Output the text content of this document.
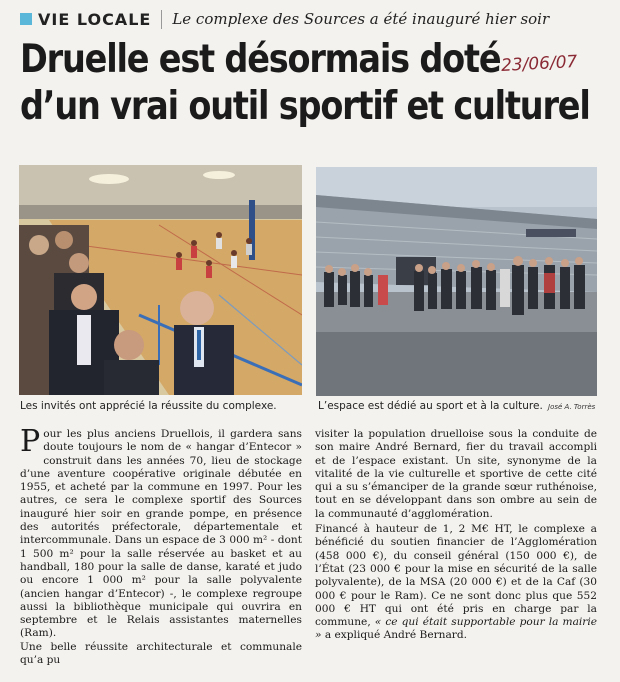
VIE LOCALE	Le complexe des Sources a été inauguré hier soir
Druelle est désormais doté
d’un vrai outil sportif et culturel
23/06/07
Les invités ont apprécié la réussite du complexe.	L’espace est dédié au sport et à la culture. José A. Torrès

Pour les plus anciens Druellois, il gardera sans doute toujours le nom de « hangar d’Entecor » construit dans les années 70, lieu de stockage d’une aventure coopérative originale débutée en 1955, et acheté par la commune en 1997. Pour les autres, ce sera le complexe sportif des Sources inauguré hier soir en grande pompe, en présence des autorités préfectorale, départementale et intercommunale. Dans un espace de 3 000 m² - dont 1 500 m² pour la salle réservée au basket et au handball, 180 pour la salle de danse, karaté et judo ou encore 1 000 m² pour la salle polyvalente (ancien hangar d’Entecor) -, le complexe regroupe aussi la bibliothèque municipale qui ouvrira en septembre et le Relais assistantes maternelles (Ram).

Une belle réussite architecturale et communale qu’a pu

visiter la population druelloise sous la conduite de son maire André Bernard, fier du travail accompli et de l’espace existant. Un site, synonyme de la vitalité de la vie culturelle et sportive de cette cité qui a su s’émanciper de la grande sœur ruthénoise, tout en se développant dans son ombre au sein de la communauté d’agglomération.

Financé à hauteur de 1, 2 M€ HT, le complexe a bénéficié du soutien financier de l’Agglomération (458 000 €), du conseil général (150 000 €), de l’État (23 000 € pour la mise en sécurité de la salle polyvalente), de la MSA (20 000 €) et de la Caf (30 000 € pour le Ram). Ce ne sont donc plus que 552 000 € HT qui ont été pris en charge par la commune, « ce qui était supportable pour la mairie » a expliqué André Bernard.
